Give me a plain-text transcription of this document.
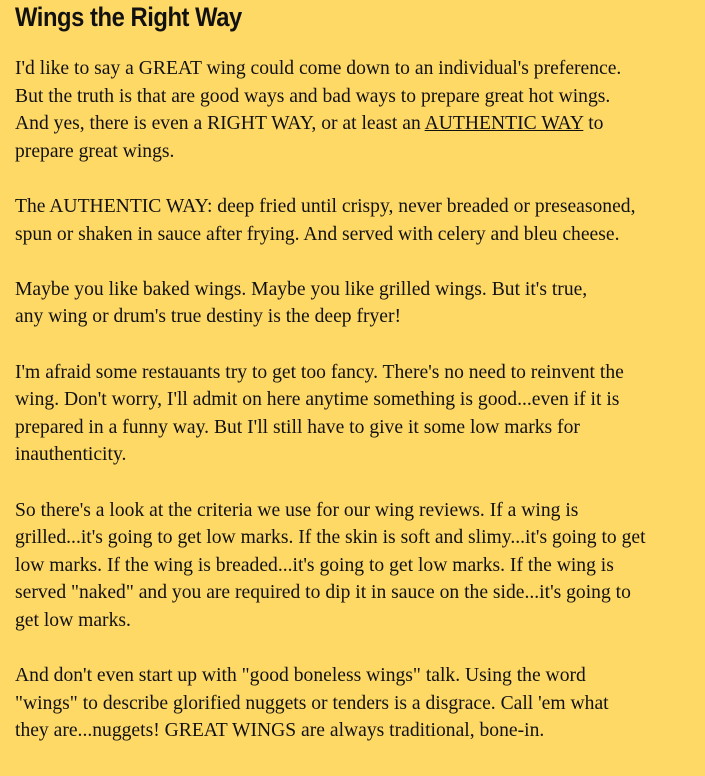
Wings the Right Way

I'd like to say a GREAT wing could come down to an individual's preference.
But the truth is that are good ways and bad ways to prepare great hot wings.
And yes, there is even a RIGHT WAY, or at least an AUTHENTIC WAY to
prepare great wings.

The AUTHENTIC WAY: deep fried until crispy, never breaded or preseasoned,
spun or shaken in sauce after frying. And served with celery and bleu cheese.

Maybe you like baked wings. Maybe you like grilled wings. But it's true,
any wing or drum's true destiny is the deep fryer!

I'm afraid some restauants try to get too fancy. There's no need to reinvent the
wing. Don't worry, I'll admit on here anytime something is good...even if it is
prepared in a funny way. But I'll still have to give it some low marks for
inauthenticity.

So there's a look at the criteria we use for our wing reviews. If a wing is
grilled...it's going to get low marks. If the skin is soft and slimy...it's going to get
low marks. If the wing is breaded...it's going to get low marks. If the wing is
served "naked" and you are required to dip it in sauce on the side...it's going to
get low marks.

And don't even start up with "good boneless wings" talk. Using the word
"wings" to describe glorified nuggets or tenders is a disgrace. Call 'em what
they are...nuggets! GREAT WINGS are always traditional, bone-in.
